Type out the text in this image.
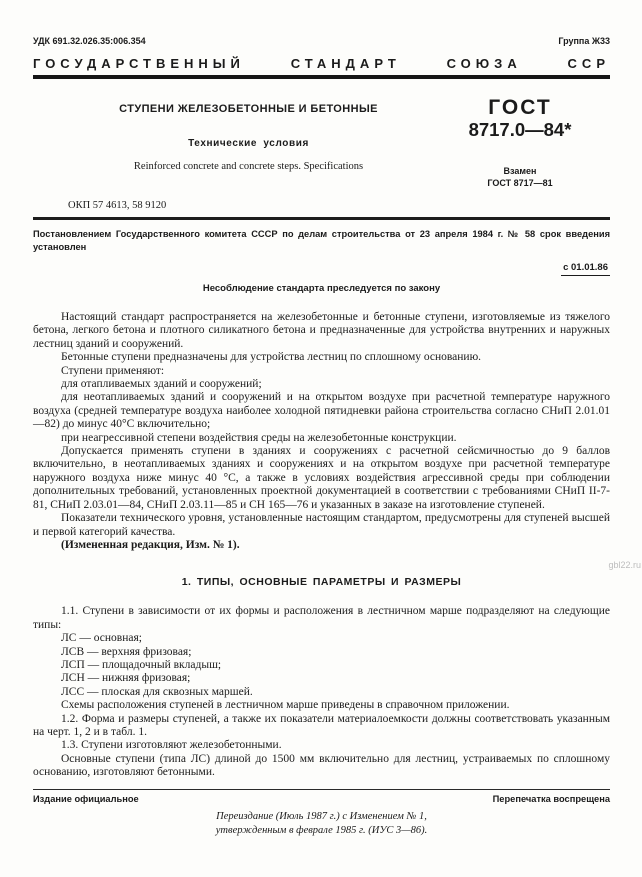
УДК 691.32.026.35:006.354	Группа Ж33
ГОСУДАРСТВЕННЫЙ	СТАНДАРТ	СОЮЗА	ССР
СТУПЕНИ ЖЕЛЕЗОБЕТОННЫЕ И БЕТОННЫЕ
Технические условия
Reinforced concrete and concrete steps. Specifications
ГОСТ
8717.0—84*
Взамен
ГОСТ 8717—81
ОКП 57 4613, 58 9120
Постановлением Государственного комитета СССР по делам строительства от 23 апреля 1984 г. № 58 срок введения установлен
с 01.01.86
Несоблюдение стандарта преследуется по закону

Настоящий стандарт распространяется на железобетонные и бетонные ступени, изготовляемые из тяжелого бетона, легкого бетона и плотного силикатного бетона и предназначенные для устройства внутренних и наружных лестниц зданий и сооружений.

Бетонные ступени предназначены для устройства лестниц по сплошному основанию.

Ступени применяют:

для отапливаемых зданий и сооружений;

для неотапливаемых зданий и сооружений и на открытом воздухе при расчетной температуре наружного воздуха (средней температуре воздуха наиболее холодной пятидневки района строительства согласно СНиП 2.01.01—82) до минус 40°С включительно;

при неагрессивной степени воздействия среды на железобетонные конструкции.

Допускается применять ступени в зданиях и сооружениях с расчетной сейсмичностью до 9 баллов включительно, в неотапливаемых зданиях и сооружениях и на открытом воздухе при расчетной температуре наружного воздуха ниже минус 40 °С, а также в условиях воздействия агрессивной среды при соблюдении дополнительных требований, установленных проектной документацией в соответствии с требованиями СНиП II-7-81, СНиП 2.03.01—84, СНиП 2.03.11—85 и СН 165—76 и указанных в заказе на изготовление ступеней.

Показатели технического уровня, установленные настоящим стандартом, предусмотрены для ступеней высшей и первой категорий качества.

(Измененная редакция, Изм. № 1).

1. ТИПЫ, ОСНОВНЫЕ ПАРАМЕТРЫ И РАЗМЕРЫ

1.1. Ступени в зависимости от их формы и расположения в лестничном марше подразделяют на следующие типы:

ЛС — основная;

ЛСВ — верхняя фризовая;

ЛСП — площадочный вкладыш;

ЛСН — нижняя фризовая;

ЛСС — плоская для сквозных маршей.

Схемы расположения ступеней в лестничном марше приведены в справочном приложении.

1.2. Форма и размеры ступеней, а также их показатели материалоемкости должны соответствовать указанным на черт. 1, 2 и в табл. 1.

1.3. Ступени изготовляют железобетонными.

Основные ступени (типа ЛС) длиной до 1500 мм включительно для лестниц, устраиваемых по сплошному основанию, изготовляют бетонными.

Издание официальное	Перепечатка воспрещена
Переиздание (Июль 1987 г.) с Изменением № 1,
утвержденным в феврале 1985 г. (ИУС 3—86).
gbl22.ru
